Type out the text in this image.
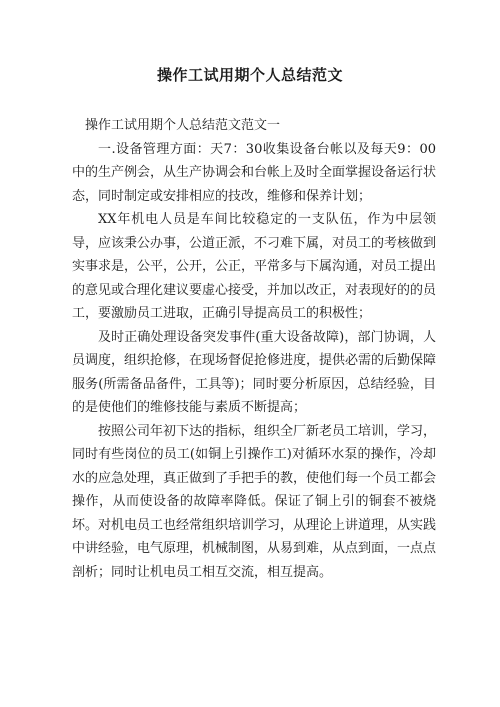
操作工试用期个人总结范文

操作工试用期个人总结范文范文一

一.设备管理方面：天7：30收集设备台帐以及每天9：00中的生产例会，从生产协调会和台帐上及时全面掌握设备运行状态，同时制定或安排相应的技改，维修和保养计划；

XX年机电人员是车间比较稳定的一支队伍，作为中层领导，应该秉公办事，公道正派，不刁难下属，对员工的考核做到实事求是，公平，公开，公正，平常多与下属沟通，对员工提出的意见或合理化建议要虚心接受，并加以改正，对表现好的的员工，要激励员工进取，正确引导提高员工的积极性；

及时正确处理设备突发事件(重大设备故障)，部门协调，人员调度，组织抢修，在现场督促抢修进度，提供必需的后勤保障服务(所需备品备件，工具等)；同时要分析原因，总结经验，目的是使他们的维修技能与素质不断提高；

按照公司年初下达的指标，组织全厂新老员工培训，学习，同时有些岗位的员工(如铜上引操作工)对循环水泵的操作，冷却水的应急处理，真正做到了手把手的教，使他们每一个员工都会操作，从而使设备的故障率降低。保证了铜上引的铜套不被烧坏。对机电员工也经常组织培训学习，从理论上讲道理，从实践中讲经验，电气原理，机械制图，从易到难，从点到面，一点点剖析；同时让机电员工相互交流，相互提高。
